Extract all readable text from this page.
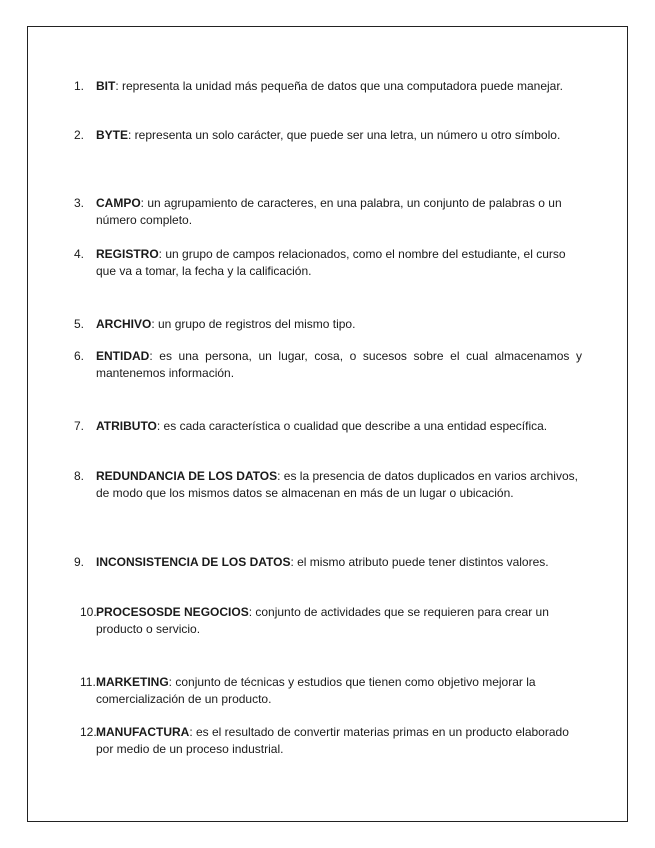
1. BIT: representa la unidad más pequeña de datos que una computadora puede manejar.
2. BYTE: representa un solo carácter, que puede ser una letra, un número u otro símbolo.
3. CAMPO: un agrupamiento de caracteres, en una palabra, un conjunto de palabras o un número completo.
4. REGISTRO: un grupo de campos relacionados, como el nombre del estudiante, el curso que va a tomar, la fecha y la calificación.
5. ARCHIVO: un grupo de registros del mismo tipo.
6. ENTIDAD: es una persona, un lugar, cosa, o sucesos sobre el cual almacenamos y mantenemos información.
7. ATRIBUTO: es cada característica o cualidad que describe a una entidad específica.
8. REDUNDANCIA DE LOS DATOS: es la presencia de datos duplicados en varios archivos, de modo que los mismos datos se almacenan en más de un lugar o ubicación.
9. INCONSISTENCIA DE LOS DATOS: el mismo atributo puede tener distintos valores.
10. PROCESOSDE NEGOCIOS: conjunto de actividades que se requieren para crear un producto o servicio.
11. MARKETING: conjunto de técnicas y estudios que tienen como objetivo mejorar la comercialización de un producto.
12. MANUFACTURA: es el resultado de convertir materias primas en un producto elaborado por medio de un proceso industrial.
